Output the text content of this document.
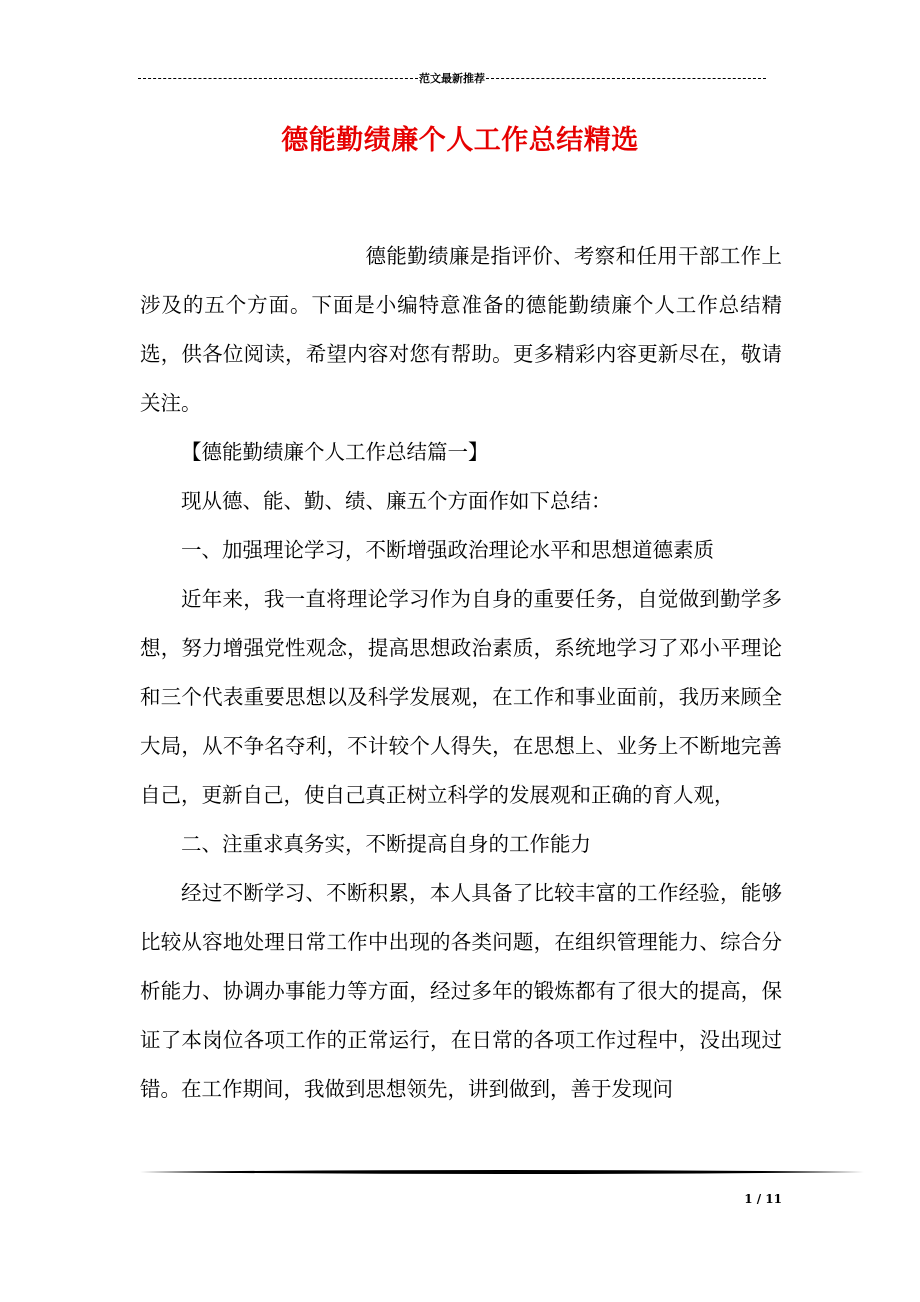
范文最新推荐
德能勤绩廉个人工作总结精选

德能勤绩廉是指评价、考察和任用干部工作上涉及的五个方面。下面是小编特意准备的德能勤绩廉个人工作总结精选，供各位阅读，希望内容对您有帮助。更多精彩内容更新尽在，敬请关注。

【德能勤绩廉个人工作总结篇一】

现从德、能、勤、绩、廉五个方面作如下总结：

一、加强理论学习，不断增强政治理论水平和思想道德素质

近年来，我一直将理论学习作为自身的重要任务，自觉做到勤学多想，努力增强党性观念，提高思想政治素质，系统地学习了邓小平理论和三个代表重要思想以及科学发展观，在工作和事业面前，我历来顾全大局，从不争名夺利，不计较个人得失，在思想上、业务上不断地完善自己，更新自己，使自己真正树立科学的发展观和正确的育人观，

二、注重求真务实，不断提高自身的工作能力

经过不断学习、不断积累，本人具备了比较丰富的工作经验，能够比较从容地处理日常工作中出现的各类问题，在组织管理能力、综合分析能力、协调办事能力等方面，经过多年的锻炼都有了很大的提高，保证了本岗位各项工作的正常运行，在日常的各项工作过程中，没出现过错。在工作期间，我做到思想领先，讲到做到，善于发现问

1 / 11
